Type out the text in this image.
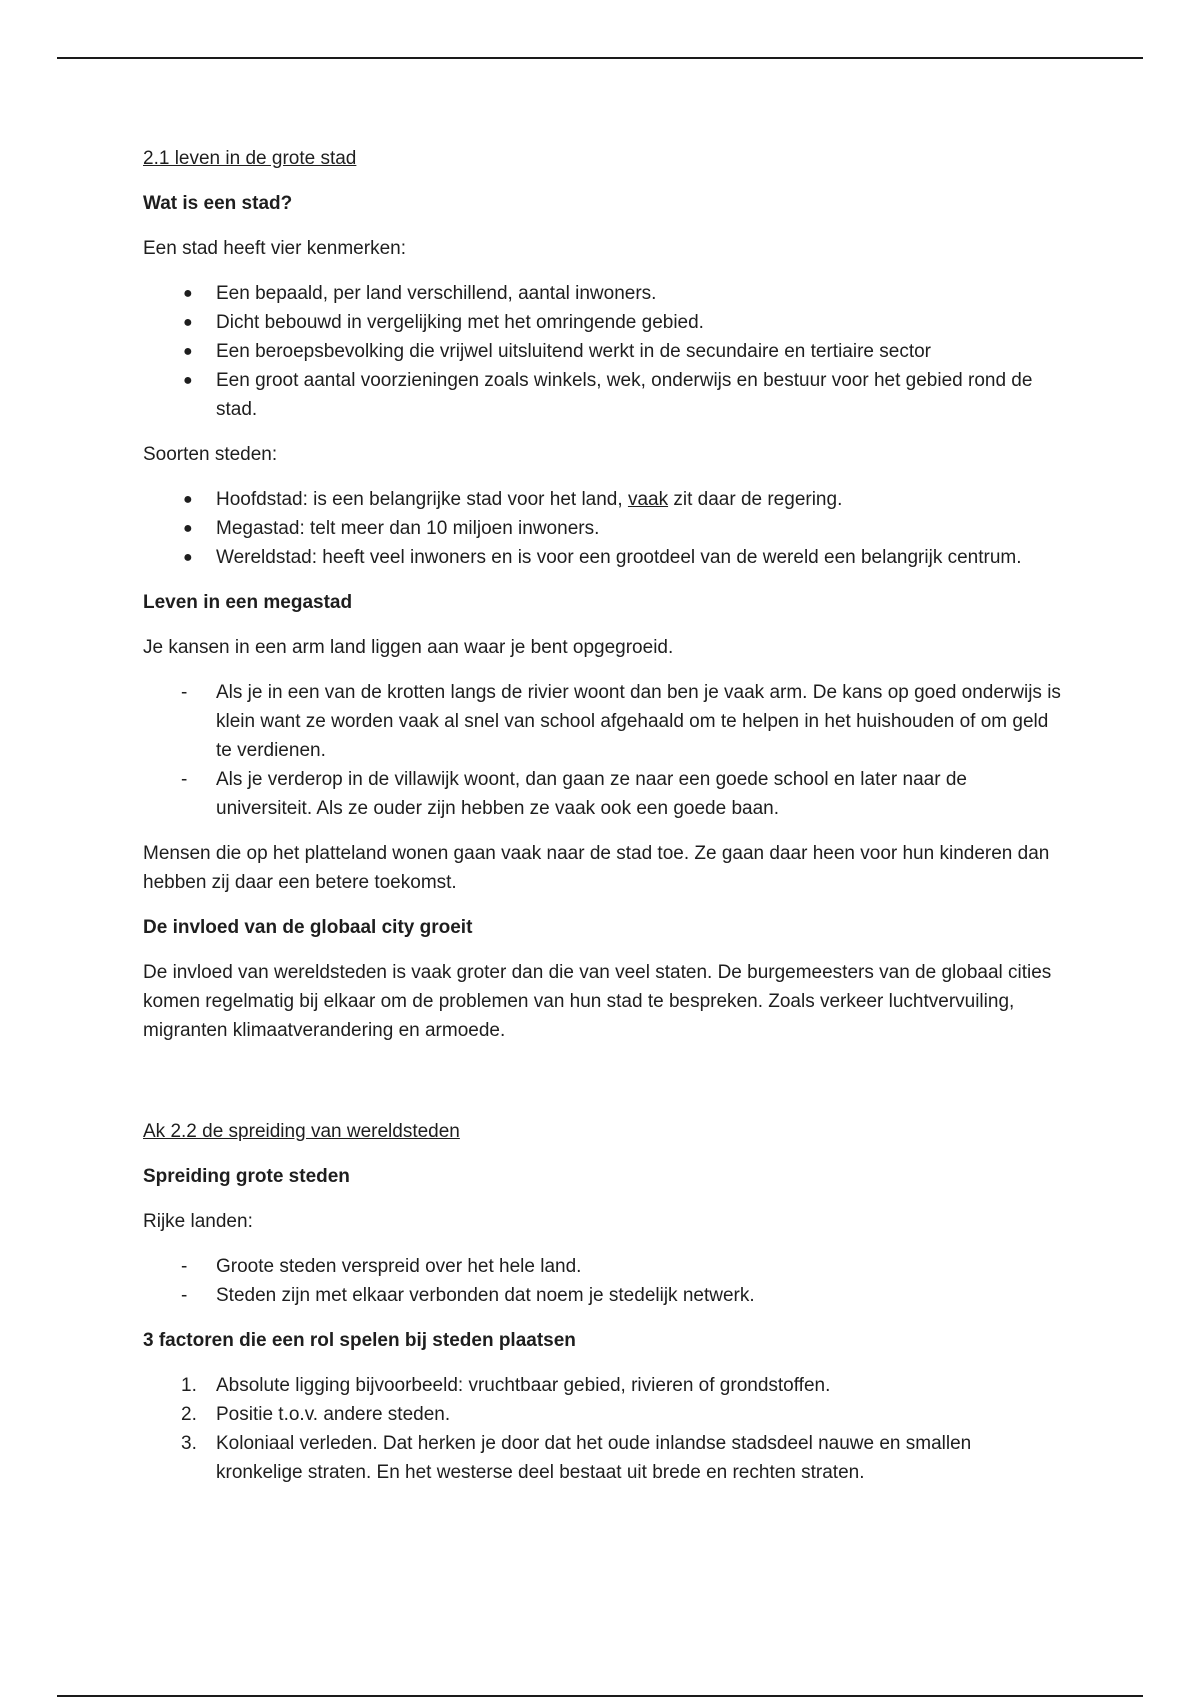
2.1 leven in de grote stad

Wat is een stad?

Een stad heeft vier kenmerken:

●	Een bepaald, per land verschillend, aantal inwoners.
●	Dicht bebouwd in vergelijking met het omringende gebied.
●	Een beroepsbevolking die vrijwel uitsluitend werkt in de secundaire en tertiaire sector
●	Een groot aantal voorzieningen zoals winkels, wek, onderwijs en bestuur voor het gebied rond de stad.

Soorten steden:

●	Hoofdstad: is een belangrijke stad voor het land, vaak zit daar de regering.
●	Megastad: telt meer dan 10 miljoen inwoners.
●	Wereldstad: heeft veel inwoners en is voor een grootdeel van de wereld een belangrijk centrum.

Leven in een megastad

Je kansen in een arm land liggen aan waar je bent opgegroeid.

-	Als je in een van de krotten langs de rivier woont dan ben je vaak arm. De kans op goed onderwijs is klein want ze worden vaak al snel van school afgehaald om te helpen in het huishouden of om geld te verdienen.
-	Als je verderop in de villawijk woont, dan gaan ze naar een goede school en later naar de universiteit. Als ze ouder zijn hebben ze vaak ook een goede baan.

Mensen die op het platteland wonen gaan vaak naar de stad toe. Ze gaan daar heen voor hun kinderen dan hebben zij daar een betere toekomst.

De invloed van de globaal city groeit

De invloed van wereldsteden is vaak groter dan die van veel staten. De burgemeesters van de globaal cities komen regelmatig bij elkaar om de problemen van hun stad te bespreken. Zoals verkeer luchtvervuiling, migranten klimaatverandering en armoede.

Ak 2.2 de spreiding van wereldsteden

Spreiding grote steden

Rijke landen:

-	Groote steden verspreid over het hele land.
-	Steden zijn met elkaar verbonden dat noem je stedelijk netwerk.

3 factoren die een rol spelen bij steden plaatsen

1.	Absolute ligging bijvoorbeeld: vruchtbaar gebied, rivieren of grondstoffen.
2.	Positie t.o.v. andere steden.
3.	Koloniaal verleden. Dat herken je door dat het oude inlandse stadsdeel nauwe en smallen kronkelige straten. En het westerse deel bestaat uit brede en rechten straten.
